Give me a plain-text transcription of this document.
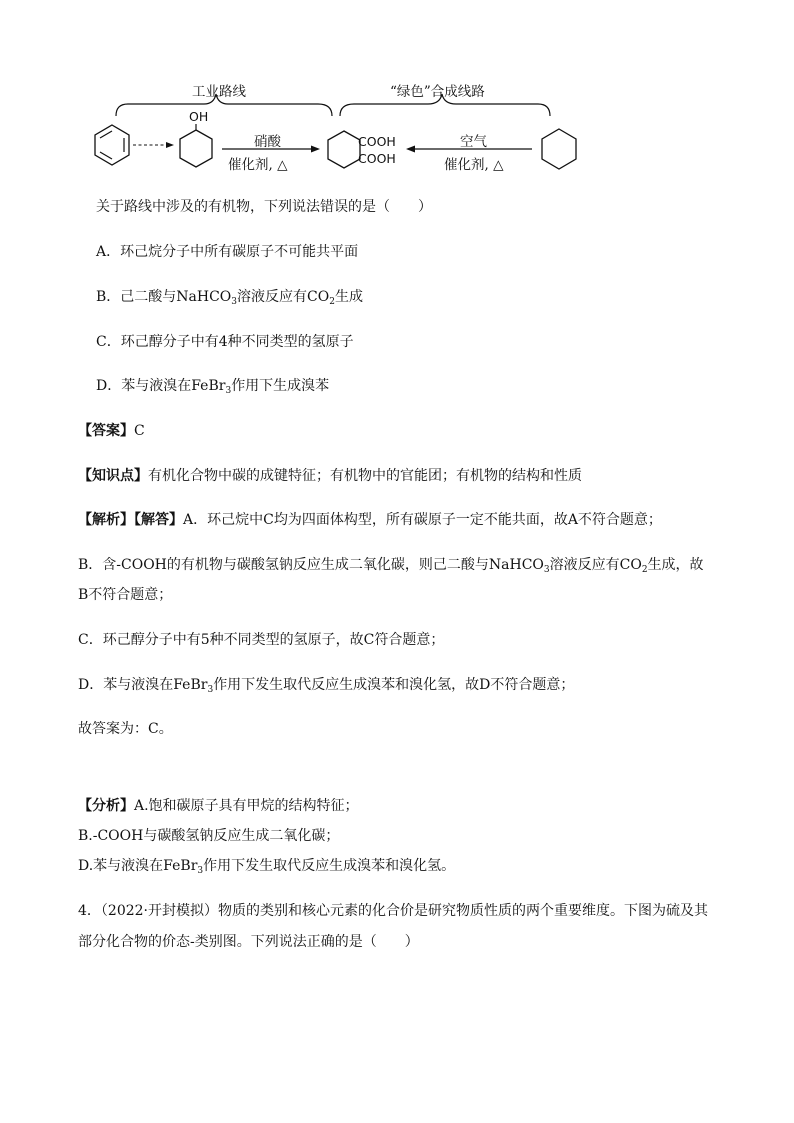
工业路线	“绿色”合成线路
OH
硝酸
催化剂, △
COOH
COOH
空气
催化剂, △
关于路线中涉及的有机物，下列说法错误的是（　　）
A．环己烷分子中所有碳原子不可能共平面
B．己二酸与NaHCO$_3$溶液反应有$CO_2$生成
C．环己醇分子中有4种不同类型的氢原子
D．苯与液溴在FeBr$_3$作用下生成溴苯
【答案】C
【知识点】有机化合物中碳的成键特征；有机物中的官能团；有机物的结构和性质
【解析】【解答】A．环己烷中C均为四面体构型，所有碳原子一定不能共面，故A不符合题意；
B．含-COOH的有机物与碳酸氢钠反应生成二氧化碳，则己二酸与NaHCO$_3$溶液反应有$CO_2$生成，故
B不符合题意；
C．环己醇分子中有5种不同类型的氢原子，故C符合题意；
D．苯与液溴在FeBr$_3$作用下发生取代反应生成溴苯和溴化氢，故D不符合题意；
故答案为：C。
【分析】A.饱和碳原子具有甲烷的结构特征；
B.-COOH与碳酸氢钠反应生成二氧化碳；
D.苯与液溴在FeBr$_3$作用下发生取代反应生成溴苯和溴化氢。
4．（2022·开封模拟）物质的类别和核心元素的化合价是研究物质性质的两个重要维度。下图为硫及其
部分化合物的价态-类别图。下列说法正确的是（　　）
